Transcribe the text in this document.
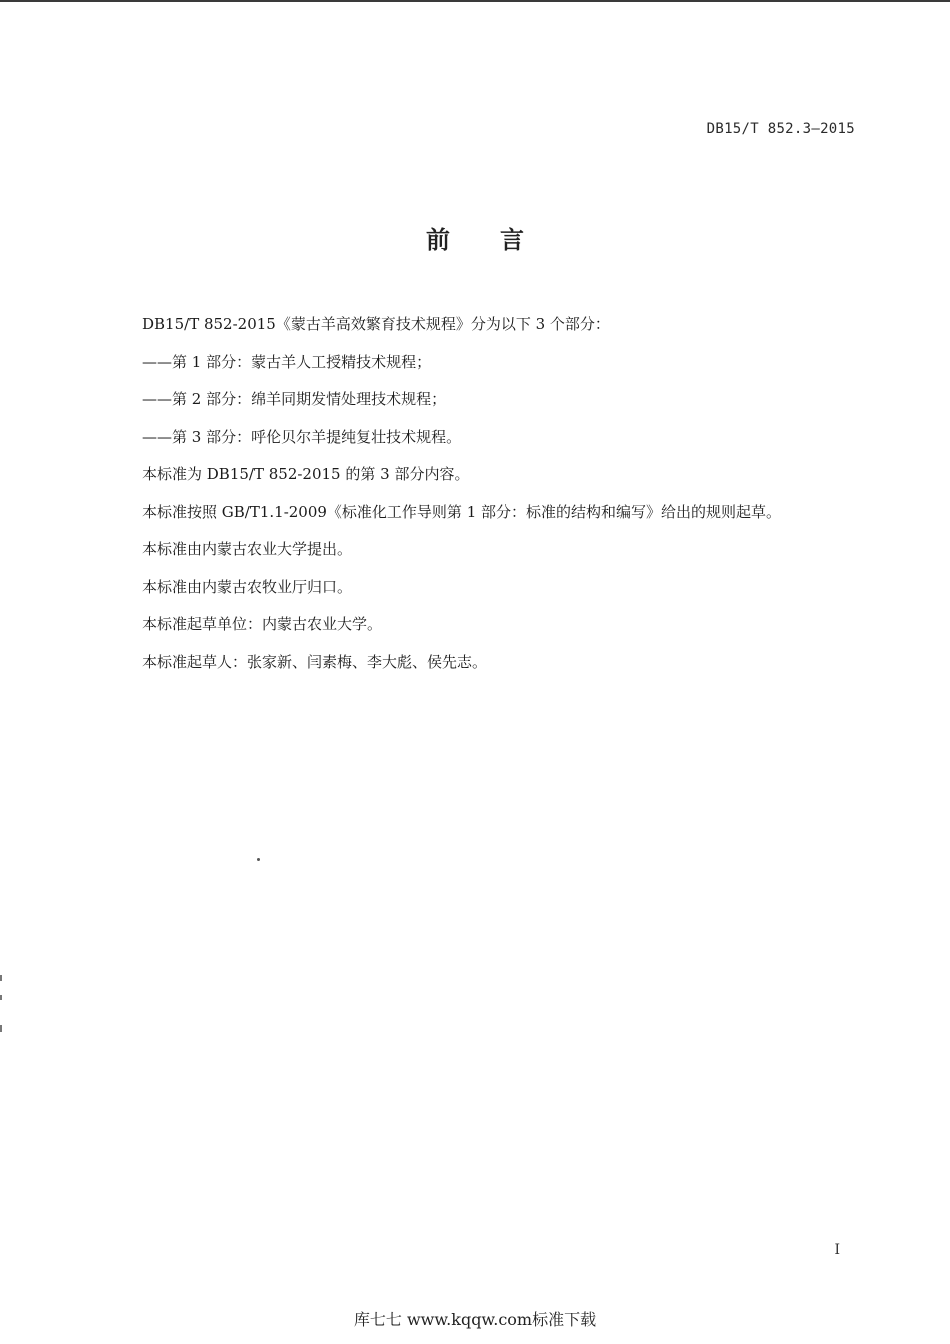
DB15/T 852.3—2015
前言
DB15/T 852-2015《蒙古羊高效繁育技术规程》分为以下 3 个部分：
——第 1 部分：蒙古羊人工授精技术规程；
——第 2 部分：绵羊同期发情处理技术规程；
——第 3 部分：呼伦贝尔羊提纯复壮技术规程。
本标准为 DB15/T 852-2015 的第 3 部分内容。
本标准按照 GB/T1.1-2009《标准化工作导则第 1 部分：标准的结构和编写》给出的规则起草。
本标准由内蒙古农业大学提出。
本标准由内蒙古农牧业厅归口。
本标准起草单位：内蒙古农业大学。
本标准起草人：张家新、闫素梅、李大彪、侯先志。
I
库七七 www.kqqw.com标准下载
